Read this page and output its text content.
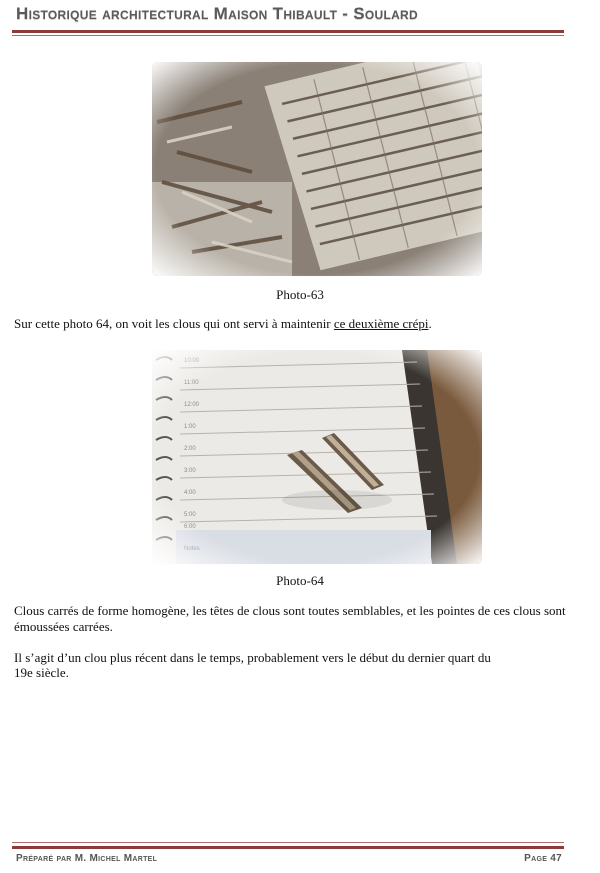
Historique architectural Maison Thibault - Soulard
Photo-63
Sur cette photo 64, on voit les clous qui ont servi à maintenir ce deuxième crépi.
Photo-64
Clous carrés de forme homogène, les têtes de clous sont toutes semblables, et les pointes de ces clous sont émoussées carrées.
Il s’agit d’un clou plus récent dans le temps, probablement vers le début du dernier quart du
19e siècle.
Préparé par M. Michel Martel	Page 47
